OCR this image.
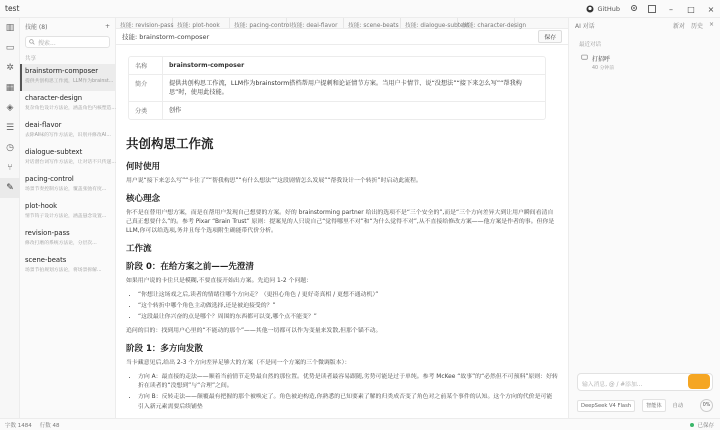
test	GitHub	–	□ ×
▥
▭
✲
▦
◈
☰
◷
⑂
✎
技能 (8)	+
搜索...
共享
brainstorm-composer
提供共创构思工作流，LLM作为brainst...
character-design
复杂角色设计方法论，涵盖角色内核塑造...
deai-flavor
去除AI味的写作方法论，识别并修改AI...
dialogue-subtext
对话潜台词写作方法论，让对话不只传递...
pacing-control
场景节奏控制方法论，覆盖张弛有度...
plot-hook
情节钩子设计方法论，涵盖悬念设置...
revision-pass
修改打磨的系统方法论，分层次...
scene-beats
场景节拍规划方法论，将场景拆解...
技能: revision-pass 技能: plot-hook	技能: pacing-control 技能: deai-flavor	技能: scene-beats	技能: dialogue-subtext
技能: character-design
技能: brainstorm-composer	保存
名称	brainstorm-composer
简介	提供共创构思工作流，LLM作为brainstorm搭档帮用户提刺和论证情节方案。当用户卡情节、说“没想法”“接下来怎么写”“帮我构思”时，使用此技能。
分类	创作
共创构思工作流
何时使用

用户说“接下来怎么写”“卡住了”“帮我构思”“有什么想法”“这段剧情怎么发展”“帮我设计一个转折”时启动此流程。

核心理念

你不是在替用户想方案，而是在帮用户发现自己想要的方案。好的 brainstorming partner 给出的选项不是“三个安全的”,而是“三个方向差异大到让用户瞬间看清自己真正想要什么”的。参考 Pixar “Brain Trust” 原则：提案见的人只说自己“觉得哪里不对”和“为什么觉得不对”,从不直接给修改方案——他方案是作者的事。但你是 LLM,你可以给选项,务并且每个选项附生确能带代价分析。

工作流
阶段 0：在给方案之前——先澄清

如果用户说的卡住只是模糊,不要直接开始出方案。先追问 1-2 个问题：

• “你想让这场戏之后,读者的情绪往哪个方向走？（更担心角色 / 更好奇真相 / 更想不通动机）”
• “这个转折中哪个角色主动做选择,还是被迫接受的？”
• “这段最让你兴奋的点是哪个？周围的东西都可以变,哪个点不能变？”

追问的目的：找到用户心里的“不能动的那个”——其他一切都可以作为变量来发散,但那个锚不动。

阶段 1：多方向发散

当卡藏意见后,给出 2-3 个方向差异足够大的方案（不是同一个方案的三个微调版本）：

• 方向 A：最直接的走法——顺着当前情节走势最自然的那位置。优势是读者最容易跟随,劣势可能是过于单纯。参考 McKee “故事”的“必然但不可预料”原则：好转折在读者的“没想到”与“合理”之间。
• 方向 B：反转走法——颠覆最有把握的那个被唤定了。角色被迫构造,你熟悉的已知要素了解的归类成否变了角色对之前某个事件的认知。这个方向的代价是可能引入新元素需要后续铺垫
AI 对话	新对 历史 ×
最近对话
打招呼
40 分钟前
输入消息, @ / #添加...
DeepSeek V4 Flash	智能体	自动	0%
字数 1484 行数 48	已保存
